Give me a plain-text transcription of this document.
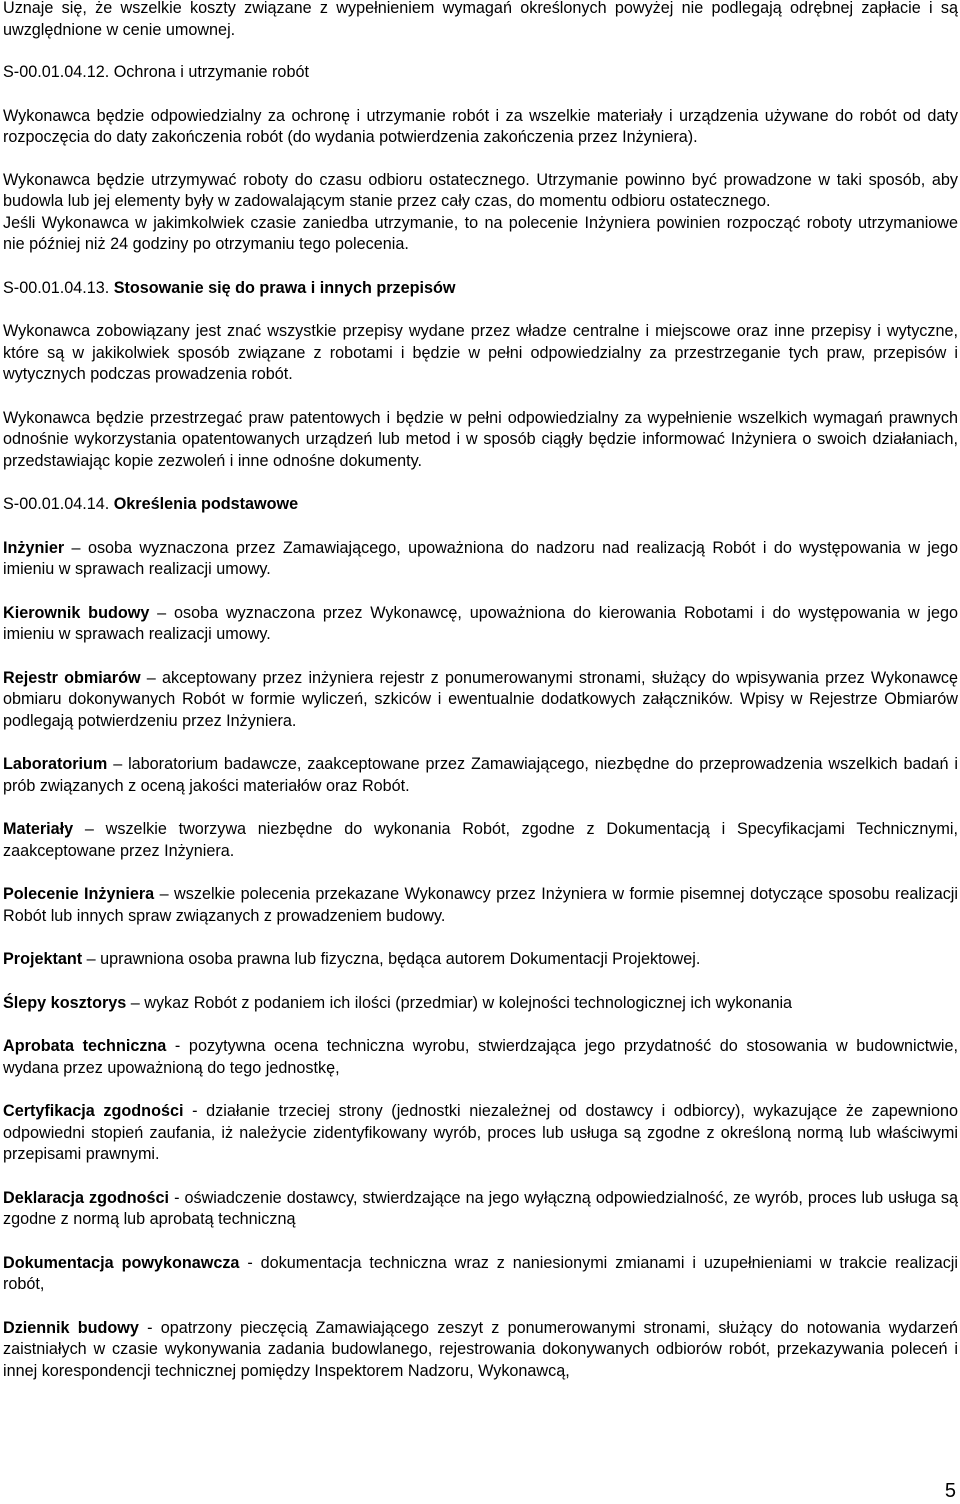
Uznaje się, że wszelkie koszty związane z wypełnieniem wymagań określonych powyżej nie podlegają odrębnej zapłacie i są uwzględnione w cenie umownej.

S-00.01.04.12. Ochrona i utrzymanie robót

Wykonawca będzie odpowiedzialny za ochronę i utrzymanie robót i za wszelkie materiały i urządzenia używane do robót od daty rozpoczęcia do daty zakończenia robót (do wydania potwierdzenia zakończenia przez Inżyniera).

Wykonawca będzie utrzymywać roboty do czasu odbioru ostatecznego. Utrzymanie powinno być prowadzone w taki sposób, aby budowla lub jej elementy były w zadowalającym stanie przez cały czas, do momentu odbioru ostatecznego.

Jeśli Wykonawca w jakimkolwiek czasie zaniedba utrzymanie, to na polecenie Inżyniera powinien rozpocząć roboty utrzymaniowe nie później niż 24 godziny po otrzymaniu tego polecenia.

S-00.01.04.13. Stosowanie się do prawa i innych przepisów

Wykonawca zobowiązany jest znać wszystkie przepisy wydane przez władze centralne i miejscowe oraz inne przepisy i wytyczne, które są w jakikolwiek sposób związane z robotami i będzie w pełni odpowiedzialny za przestrzeganie tych praw, przepisów i wytycznych podczas prowadzenia robót.

Wykonawca będzie przestrzegać praw patentowych i będzie w pełni odpowiedzialny za wypełnienie wszelkich wymagań prawnych odnośnie wykorzystania opatentowanych urządzeń lub metod i w sposób ciągły będzie informować Inżyniera o swoich działaniach, przedstawiając kopie zezwoleń i inne odnośne dokumenty.

S-00.01.04.14. Określenia podstawowe

Inżynier – osoba wyznaczona przez Zamawiającego, upoważniona do nadzoru nad realizacją Robót i do występowania w jego imieniu w sprawach realizacji umowy.

Kierownik budowy – osoba wyznaczona przez Wykonawcę, upoważniona do kierowania Robotami i do występowania w jego imieniu w sprawach realizacji umowy.

Rejestr obmiarów – akceptowany przez inżyniera rejestr z ponumerowanymi stronami, służący do wpisywania przez Wykonawcę obmiaru dokonywanych Robót w formie wyliczeń, szkiców i ewentualnie dodatkowych załączników. Wpisy w Rejestrze Obmiarów podlegają potwierdzeniu przez Inżyniera.

Laboratorium – laboratorium badawcze, zaakceptowane przez Zamawiającego, niezbędne do przeprowadzenia wszelkich badań i prób związanych z oceną jakości materiałów oraz Robót.

Materiały – wszelkie tworzywa niezbędne do wykonania Robót, zgodne z Dokumentacją i Specyfikacjami Technicznymi, zaakceptowane przez Inżyniera.

Polecenie Inżyniera – wszelkie polecenia przekazane Wykonawcy przez Inżyniera w formie pisemnej dotyczące sposobu realizacji Robót lub innych spraw związanych z prowadzeniem budowy.

Projektant – uprawniona osoba prawna lub fizyczna, będąca autorem Dokumentacji Projektowej.

Ślepy kosztorys – wykaz Robót z podaniem ich ilości (przedmiar) w kolejności technologicznej ich wykonania

Aprobata techniczna - pozytywna ocena techniczna wyrobu, stwierdzająca jego przydatność do stosowania w budownictwie, wydana przez upoważnioną do tego jednostkę,

Certyfikacja zgodności - działanie trzeciej strony (jednostki niezależnej od dostawcy i odbiorcy), wykazujące że zapewniono odpowiedni stopień zaufania, iż należycie zidentyfikowany wyrób, proces lub usługa są zgodne z określoną normą lub właściwymi przepisami prawnymi.

Deklaracja zgodności - oświadczenie dostawcy, stwierdzające na jego wyłączną odpowiedzialność, ze wyrób, proces lub usługa są zgodne z normą lub aprobatą techniczną

Dokumentacja powykonawcza - dokumentacja techniczna wraz z naniesionymi zmianami i uzupełnieniami w trakcie realizacji robót,

Dziennik budowy - opatrzony pieczęcią Zamawiającego zeszyt z ponumerowanymi stronami, służący do notowania wydarzeń zaistniałych w czasie wykonywania zadania budowlanego, rejestrowania dokonywanych odbiorów robót, przekazywania poleceń i innej korespondencji technicznej pomiędzy Inspektorem Nadzoru, Wykonawcą,

5
